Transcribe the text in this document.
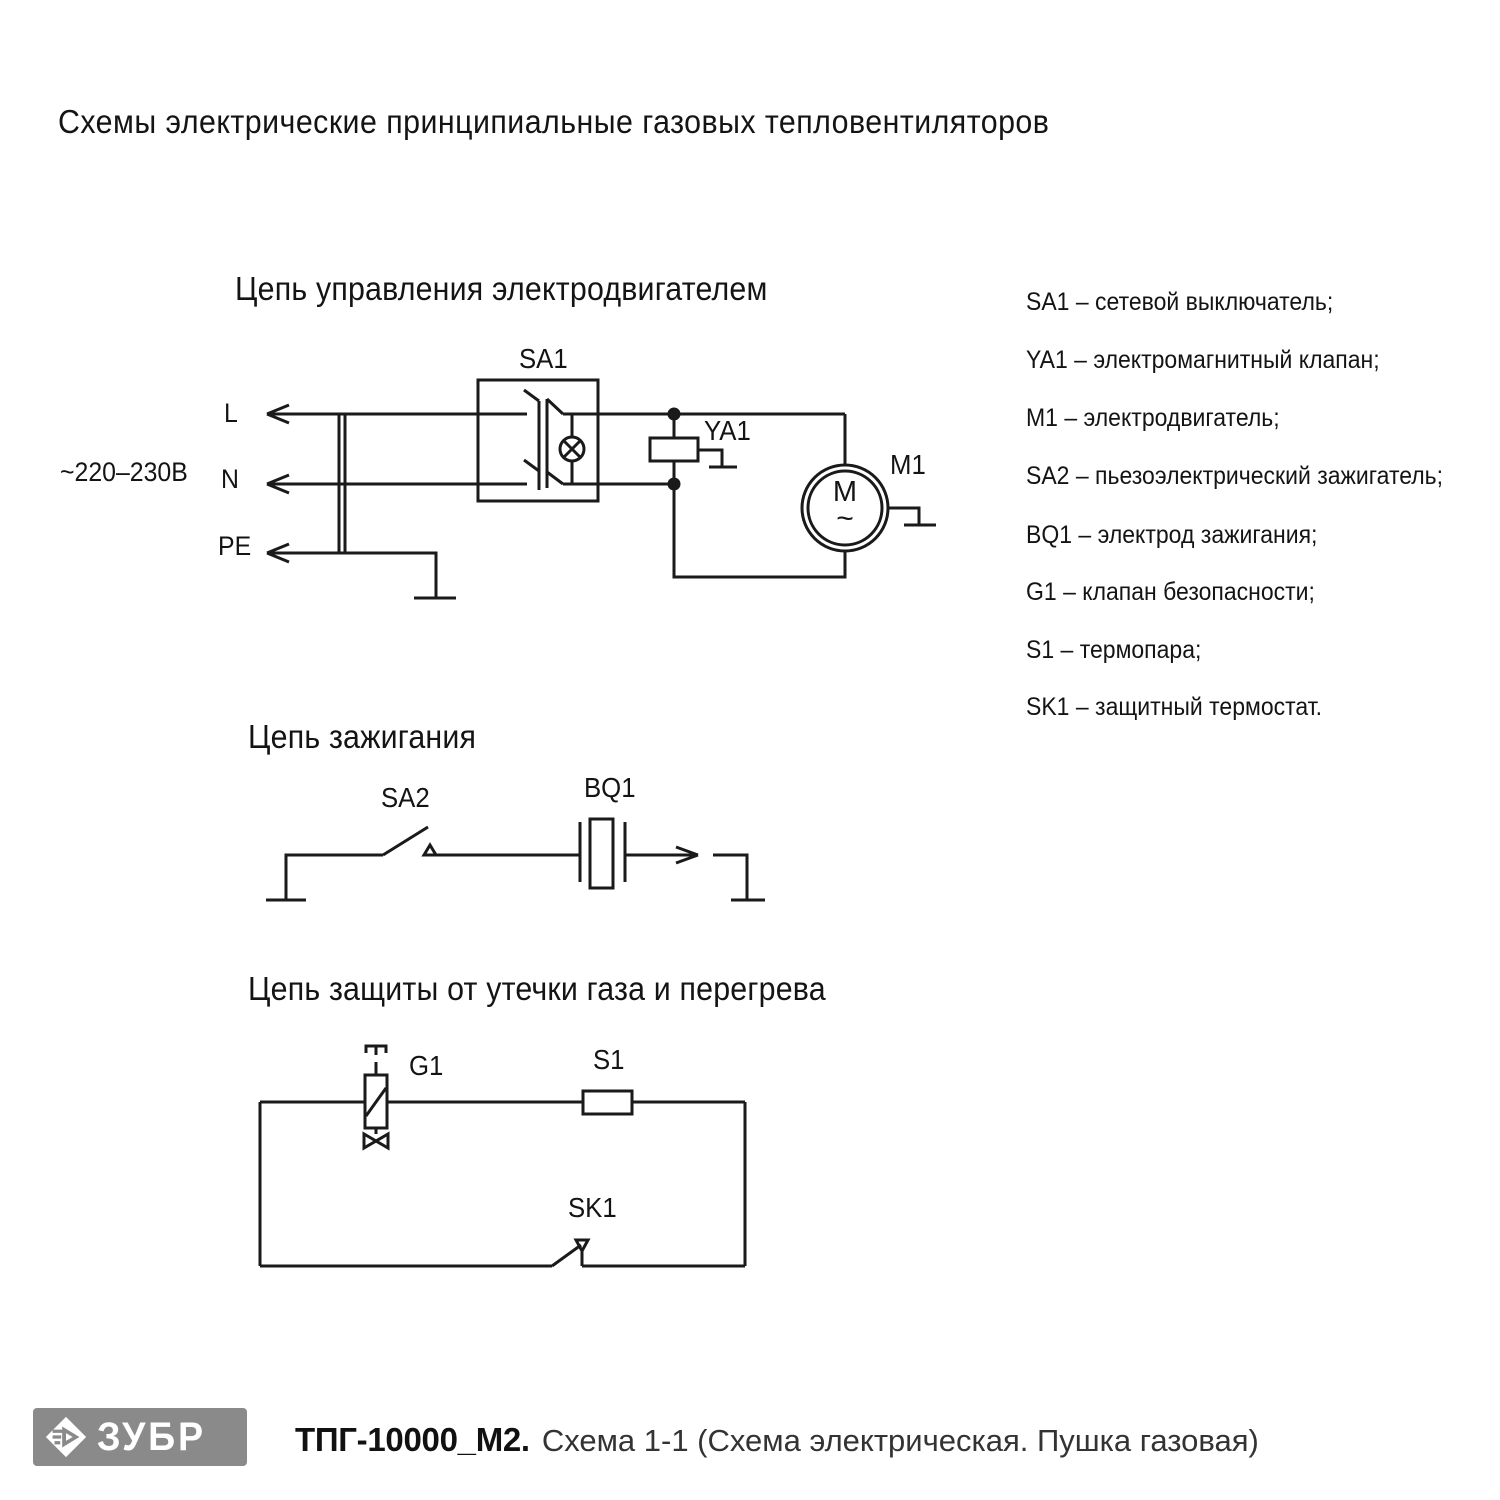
Схемы электрические принципиальные газовых тепловентиляторов
Цепь управления электродвигателем
SA1
~220–230В
L
N
PE
YA1
M1
M
~
Цепь зажигания
SA2	BQ1
Цепь защиты от утечки газа и перегрева
G1	S1
SK1
SA1 – сетевой выключатель;
YA1 – электромагнитный клапан;
M1 – электродвигатель;
SA2 – пьезоэлектрический зажигатель;
BQ1 – электрод зажигания;
G1 – клапан безопасности;
S1 – термопара;
SK1 – защитный термостат.
ЗУБР	ТПГ-10000_М2. Схема 1-1 (Схема электрическая. Пушка газовая)
